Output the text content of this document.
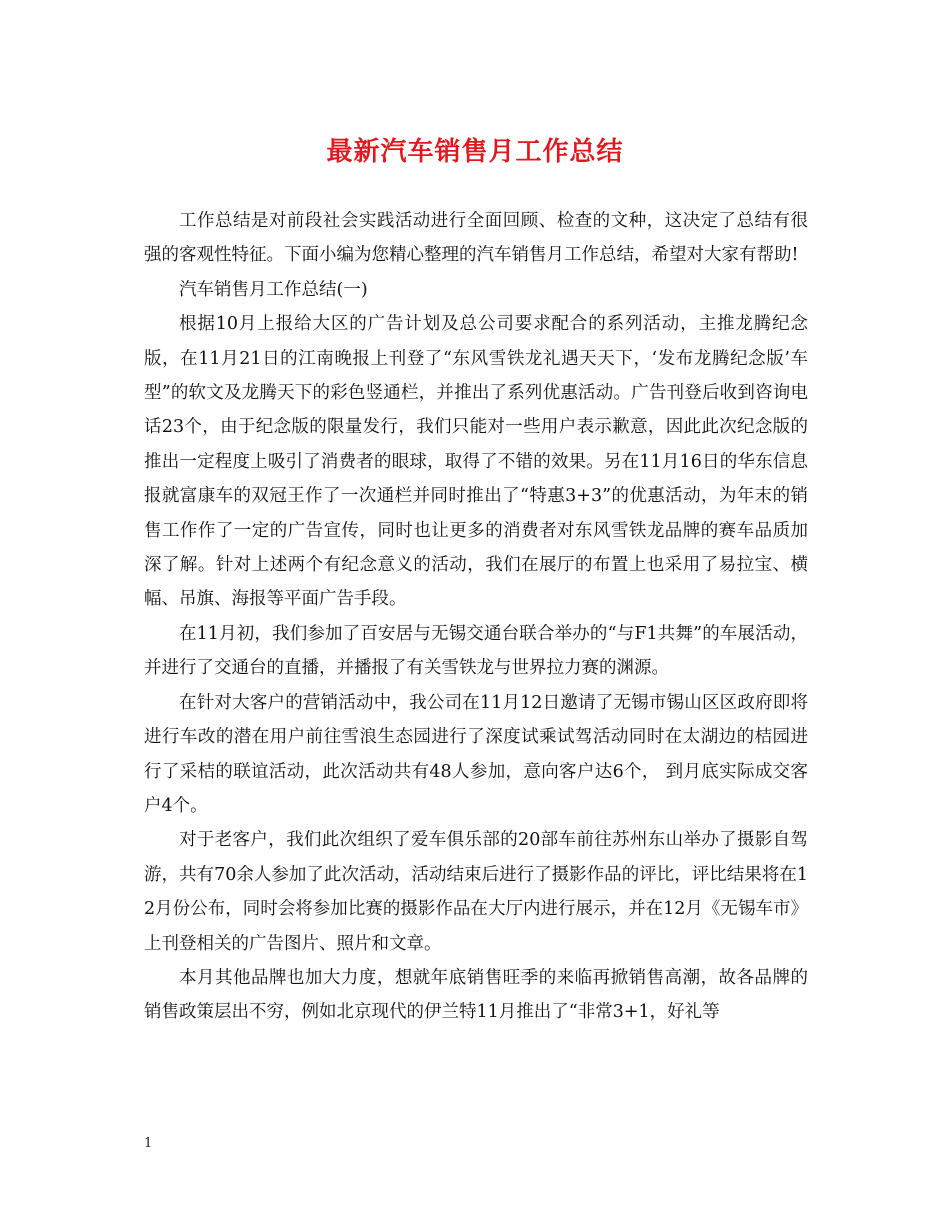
最新汽车销售月工作总结

工作总结是对前段社会实践活动进行全面回顾、检查的文种，这决定了总结有很强的客观性特征。下面小编为您精心整理的汽车销售月工作总结，希望对大家有帮助!

汽车销售月工作总结(一)

根据10月上报给大区的广告计划及总公司要求配合的系列活动，主推龙腾纪念版，在11月21日的江南晚报上刊登了“东风雪铁龙礼遇天天下，‘发布龙腾纪念版’车型”的软文及龙腾天下的彩色竖通栏，并推出了系列优惠活动。广告刊登后收到咨询电话23个，由于纪念版的限量发行，我们只能对一些用户表示歉意，因此此次纪念版的推出一定程度上吸引了消费者的眼球，取得了不错的效果。另在11月16日的华东信息报就富康车的双冠王作了一次通栏并同时推出了“特惠3+3”的优惠活动，为年末的销售工作作了一定的广告宣传，同时也让更多的消费者对东风雪铁龙品牌的赛车品质加深了解。针对上述两个有纪念意义的活动，我们在展厅的布置上也采用了易拉宝、横幅、吊旗、海报等平面广告手段。

在11月初，我们参加了百安居与无锡交通台联合举办的“与F1共舞”的车展活动，并进行了交通台的直播，并播报了有关雪铁龙与世界拉力赛的渊源。

在针对大客户的营销活动中，我公司在11月12日邀请了无锡市锡山区区政府即将进行车改的潜在用户前往雪浪生态园进行了深度试乘试驾活动同时在太湖边的桔园进行了采桔的联谊活动，此次活动共有48人参加，意向客户达6个， 到月底实际成交客户4个。

对于老客户，我们此次组织了爱车俱乐部的20部车前往苏州东山举办了摄影自驾游，共有70余人参加了此次活动，活动结束后进行了摄影作品的评比，评比结果将在12月份公布，同时会将参加比赛的摄影作品在大厅内进行展示，并在12月《无锡车市》上刊登相关的广告图片、照片和文章。

本月其他品牌也加大力度，想就年底销售旺季的来临再掀销售高潮，故各品牌的销售政策层出不穷，例如北京现代的伊兰特11月推出了“非常3+1，好礼等

1
